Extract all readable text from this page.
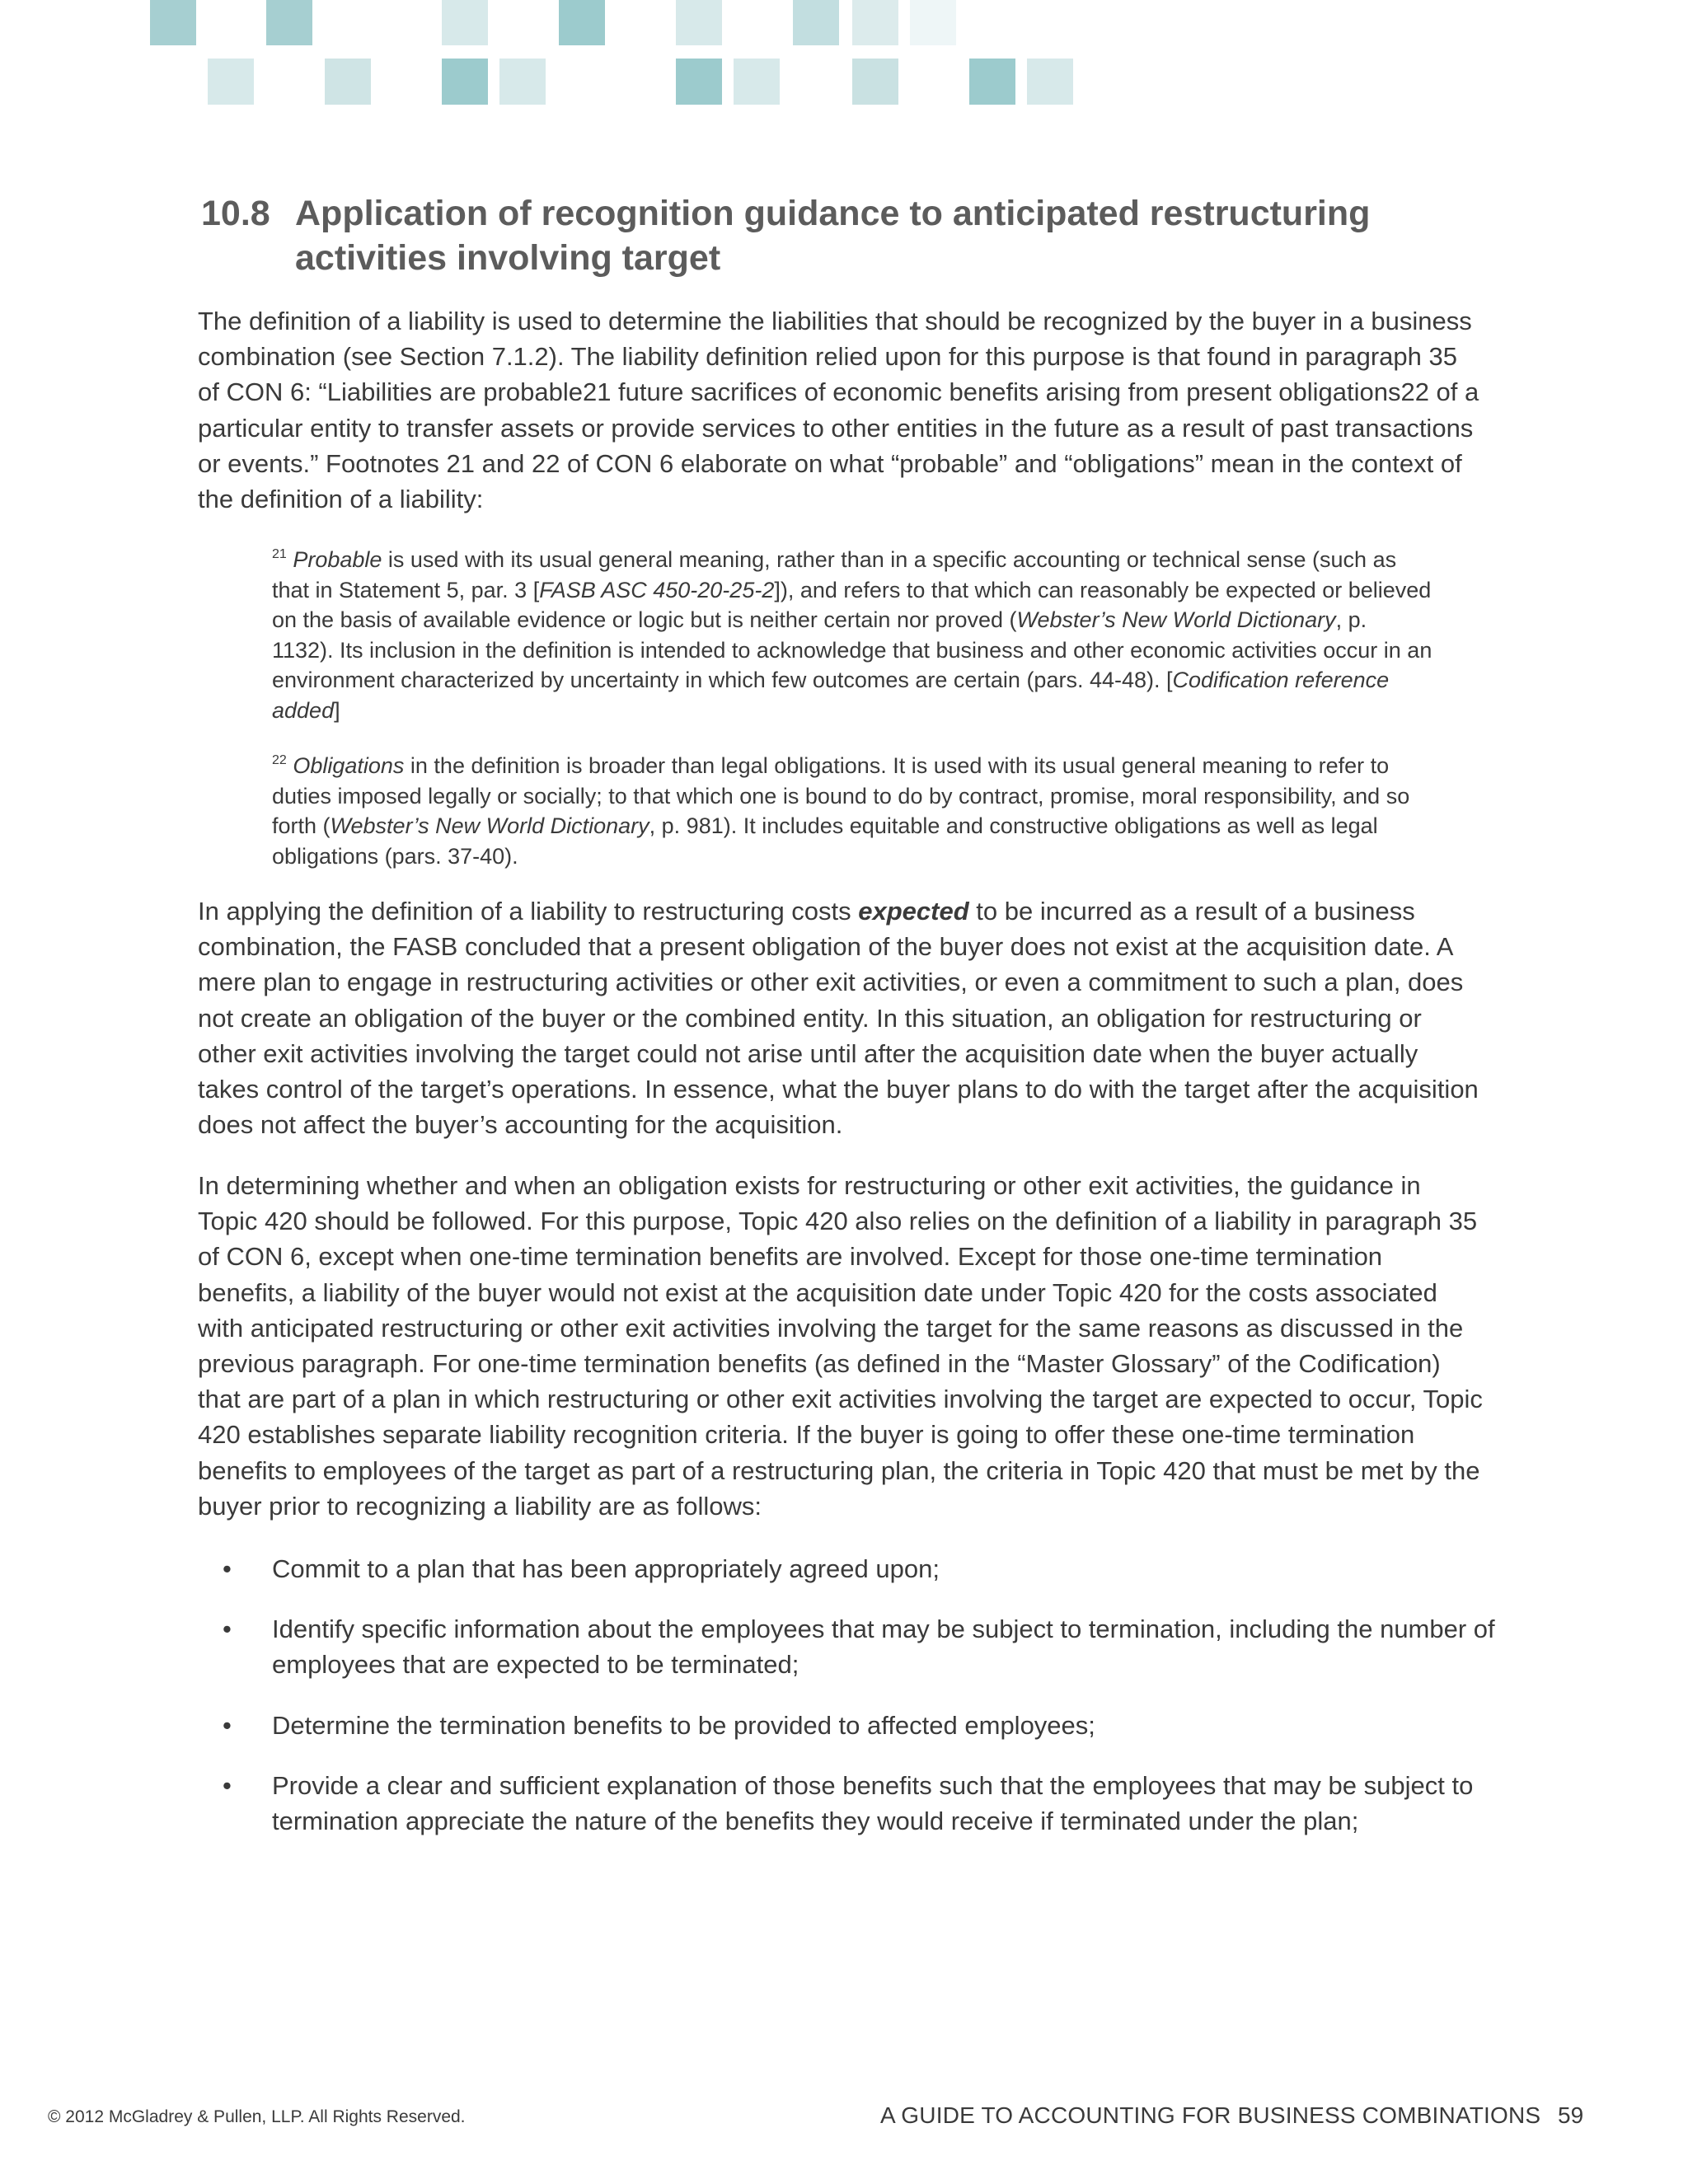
10.8 Application of recognition guidance to anticipated restructuring activities involving target

The definition of a liability is used to determine the liabilities that should be recognized by the buyer in a business combination (see Section 7.1.2). The liability definition relied upon for this purpose is that found in paragraph 35 of CON 6: “Liabilities are probable21 future sacrifices of economic benefits arising from present obligations22 of a particular entity to transfer assets or provide services to other entities in the future as a result of past transactions or events.” Footnotes 21 and 22 of CON 6 elaborate on what “probable” and “obligations” mean in the context of the definition of a liability:

$^{21}$ Probable is used with its usual general meaning, rather than in a specific accounting or technical sense (such as that in Statement 5, par. 3 [FASB ASC 450-20-25-2]), and refers to that which can reasonably be expected or believed on the basis of available evidence or logic but is neither certain nor proved (Webster’s New World Dictionary, p. 1132). Its inclusion in the definition is intended to acknowledge that business and other economic activities occur in an environment characterized by uncertainty in which few outcomes are certain (pars. 44-48). [Codification reference added]

$^{22}$ Obligations in the definition is broader than legal obligations. It is used with its usual general meaning to refer to duties imposed legally or socially; to that which one is bound to do by contract, promise, moral responsibility, and so forth (Webster’s New World Dictionary, p. 981). It includes equitable and constructive obligations as well as legal obligations (pars. 37-40).

In applying the definition of a liability to restructuring costs expected to be incurred as a result of a business combination, the FASB concluded that a present obligation of the buyer does not exist at the acquisition date. A mere plan to engage in restructuring activities or other exit activities, or even a commitment to such a plan, does not create an obligation of the buyer or the combined entity. In this situation, an obligation for restructuring or other exit activities involving the target could not arise until after the acquisition date when the buyer actually takes control of the target’s operations. In essence, what the buyer plans to do with the target after the acquisition does not affect the buyer’s accounting for the acquisition.

In determining whether and when an obligation exists for restructuring or other exit activities, the guidance in Topic 420 should be followed. For this purpose, Topic 420 also relies on the definition of a liability in paragraph 35 of CON 6, except when one-time termination benefits are involved. Except for those one-time termination benefits, a liability of the buyer would not exist at the acquisition date under Topic 420 for the costs associated with anticipated restructuring or other exit activities involving the target for the same reasons as discussed in the previous paragraph. For one-time termination benefits (as defined in the “Master Glossary” of the Codification) that are part of a plan in which restructuring or other exit activities involving the target are expected to occur, Topic 420 establishes separate liability recognition criteria. If the buyer is going to offer these one-time termination benefits to employees of the target as part of a restructuring plan, the criteria in Topic 420 that must be met by the buyer prior to recognizing a liability are as follows:

• Commit to a plan that has been appropriately agreed upon;
• Identify specific information about the employees that may be subject to termination, including the number of employees that are expected to be terminated;
• Determine the termination benefits to be provided to affected employees;
• Provide a clear and sufficient explanation of those benefits such that the employees that may be subject to termination appreciate the nature of the benefits they would receive if terminated under the plan;
© 2012 McGladrey & Pullen, LLP. All Rights Reserved.	A GUIDE TO ACCOUNTING FOR BUSINESS COMBINATIONS 59
